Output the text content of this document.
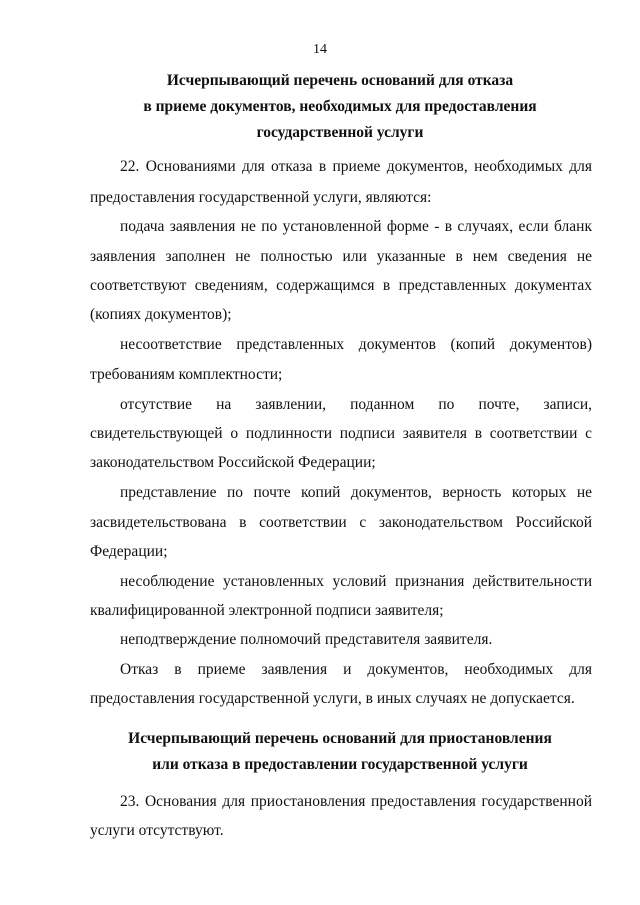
14
Исчерпывающий перечень оснований для отказа
в приеме документов, необходимых для предоставления
государственной услуги
22. Основаниями для отказа в приеме документов, необходимых для
предоставления государственной услуги, являются:
подача заявления не по установленной форме - в случаях, если бланк
заявления заполнен не полностью или указанные в нем сведения не
соответствуют сведениям, содержащимся в представленных документах
(копиях документов);
несоответствие представленных документов (копий документов)
требованиям комплектности;
отсутствие на заявлении, поданном по почте, записи,
свидетельствующей о подлинности подписи заявителя в соответствии с
законодательством Российской Федерации;
представление по почте копий документов, верность которых не
засвидетельствована в соответствии с законодательством Российской
Федерации;
несоблюдение установленных условий признания действительности
квалифицированной электронной подписи заявителя;
неподтверждение полномочий представителя заявителя.
Отказ в приеме заявления и документов, необходимых для
предоставления государственной услуги, в иных случаях не допускается.
Исчерпывающий перечень оснований для приостановления
или отказа в предоставлении государственной услуги
23. Основания для приостановления предоставления государственной
услуги отсутствуют.
